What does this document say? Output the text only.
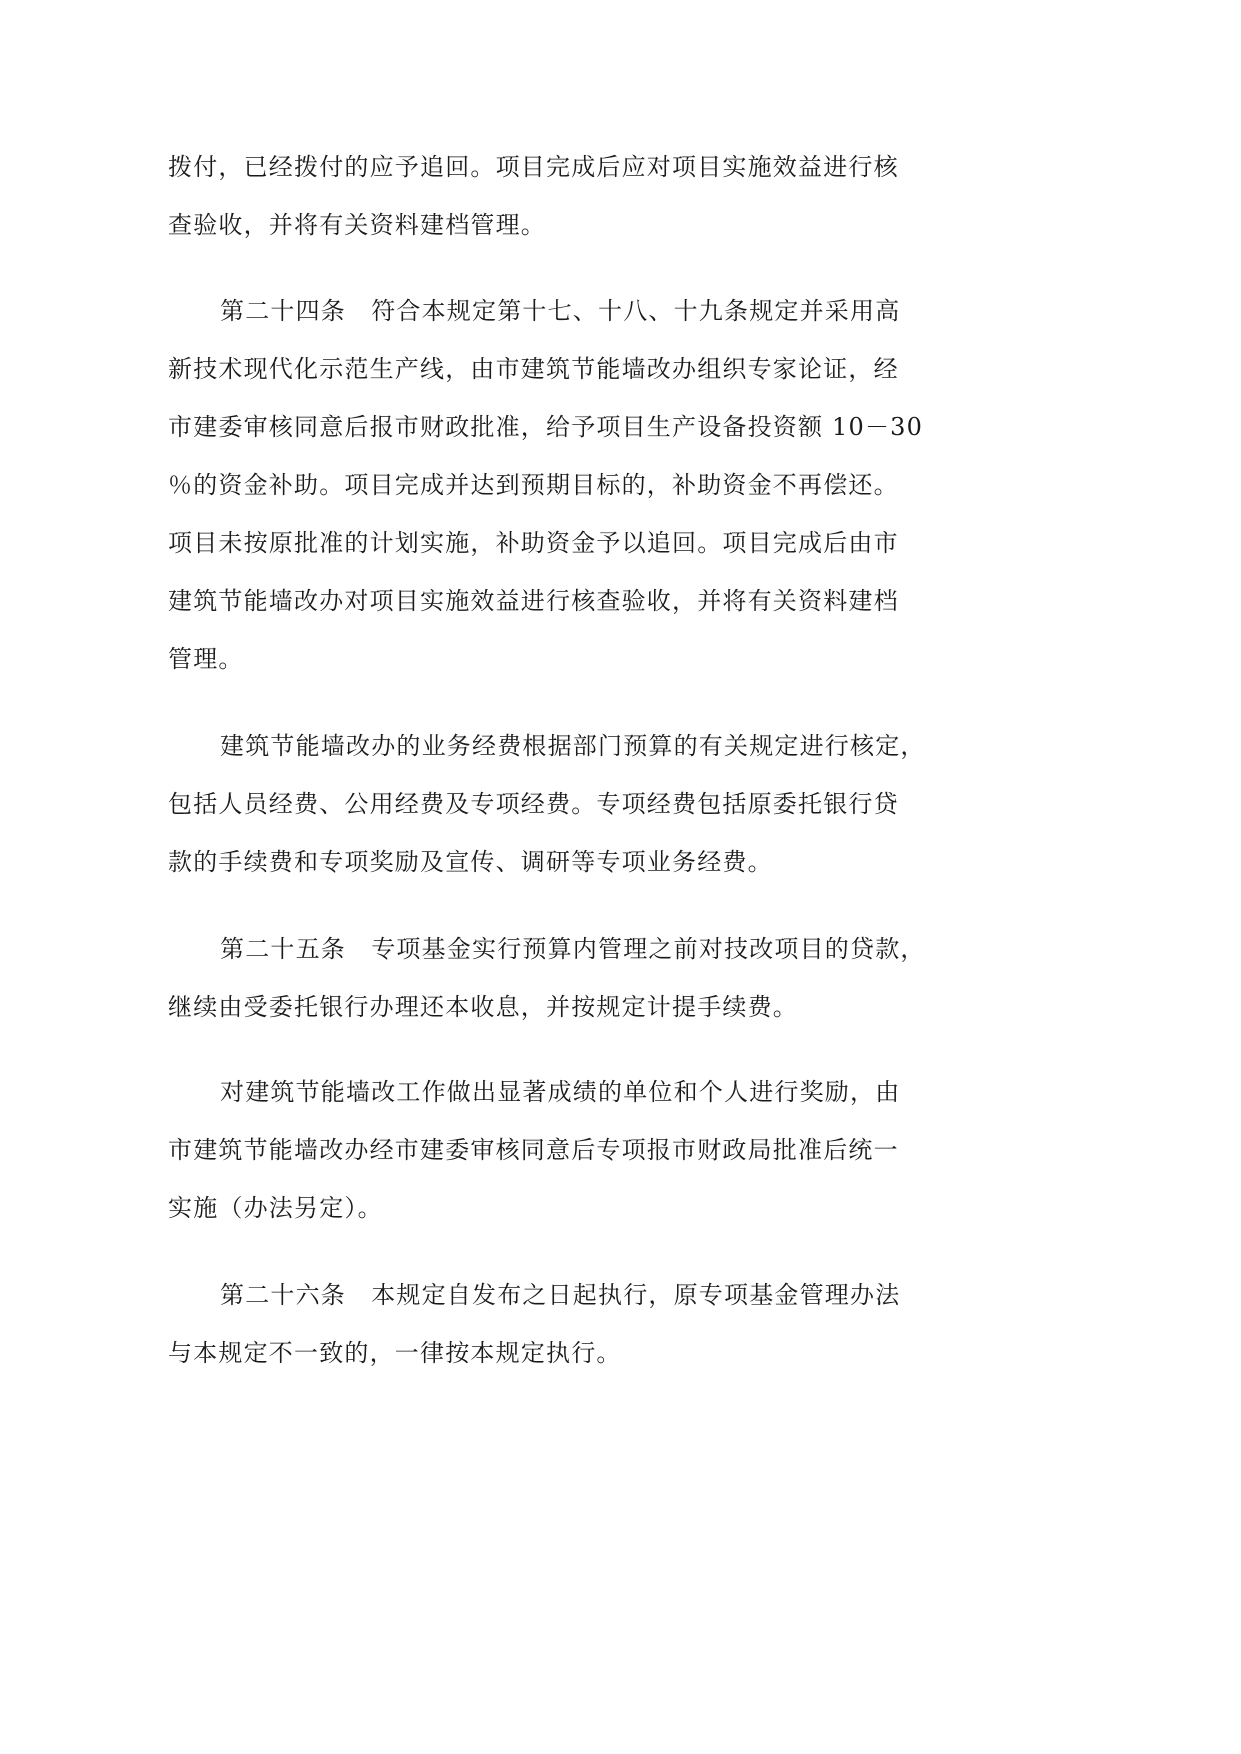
拨付，已经拨付的应予追回。项目完成后应对项目实施效益进行核
查验收，并将有关资料建档管理。
第二十四条　符合本规定第十七、十八、十九条规定并采用高
新技术现代化示范生产线，由市建筑节能墙改办组织专家论证，经
市建委审核同意后报市财政批准，给予项目生产设备投资额 10－30
％的资金补助。项目完成并达到预期目标的，补助资金不再偿还。
项目未按原批准的计划实施，补助资金予以追回。项目完成后由市
建筑节能墙改办对项目实施效益进行核查验收，并将有关资料建档
管理。
建筑节能墙改办的业务经费根据部门预算的有关规定进行核定，
包括人员经费、公用经费及专项经费。专项经费包括原委托银行贷
款的手续费和专项奖励及宣传、调研等专项业务经费。
第二十五条　专项基金实行预算内管理之前对技改项目的贷款，
继续由受委托银行办理还本收息，并按规定计提手续费。
对建筑节能墙改工作做出显著成绩的单位和个人进行奖励，由
市建筑节能墙改办经市建委审核同意后专项报市财政局批准后统一
实施（办法另定）。
第二十六条　本规定自发布之日起执行，原专项基金管理办法
与本规定不一致的，一律按本规定执行。
